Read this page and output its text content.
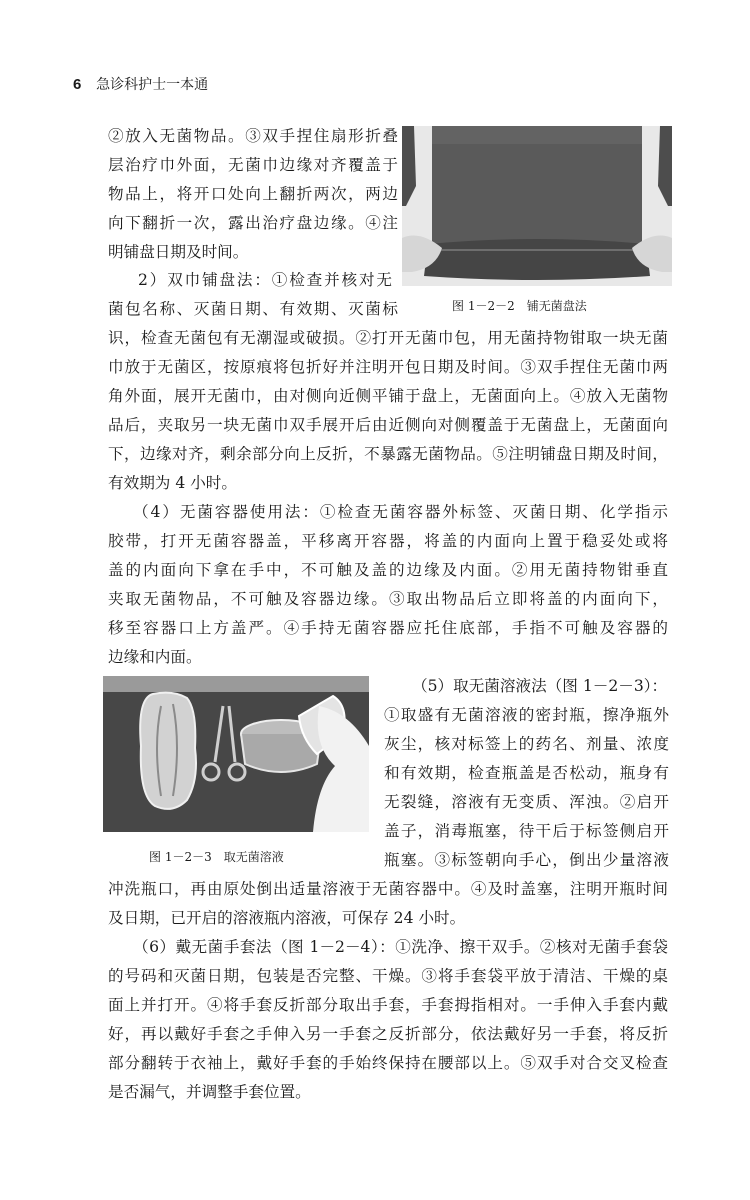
6 急诊科护士一本通
图 1－2－2　铺无菌盘法
图 1－2－3　取无菌溶液
②放入无菌物品。③双手捏住扇形折叠
层治疗巾外面，无菌巾边缘对齐覆盖于
物品上，将开口处向上翻折两次，两边
向下翻折一次，露出治疗盘边缘。④注
明铺盘日期及时间。
2）双巾铺盘法：①检查并核对无
菌包名称、灭菌日期、有效期、灭菌标
识，检查无菌包有无潮湿或破损。②打开无菌巾包，用无菌持物钳取一块无菌
巾放于无菌区，按原痕将包折好并注明开包日期及时间。③双手捏住无菌巾两
角外面，展开无菌巾，由对侧向近侧平铺于盘上，无菌面向上。④放入无菌物
品后，夹取另一块无菌巾双手展开后由近侧向对侧覆盖于无菌盘上，无菌面向
下，边缘对齐，剩余部分向上反折，不暴露无菌物品。⑤注明铺盘日期及时间，
有效期为 4 小时。
（4）无菌容器使用法：①检查无菌容器外标签、灭菌日期、化学指示
胶带，打开无菌容器盖，平移离开容器，将盖的内面向上置于稳妥处或将
盖的内面向下拿在手中，不可触及盖的边缘及内面。②用无菌持物钳垂直
夹取无菌物品，不可触及容器边缘。③取出物品后立即将盖的内面向下，
移至容器口上方盖严。④手持无菌容器应托住底部，手指不可触及容器的
边缘和内面。
（5）取无菌溶液法（图 1－2－3）：
①取盛有无菌溶液的密封瓶，擦净瓶外
灰尘，核对标签上的药名、剂量、浓度
和有效期，检查瓶盖是否松动，瓶身有
无裂缝，溶液有无变质、浑浊。②启开
盖子，消毒瓶塞，待干后于标签侧启开
瓶塞。③标签朝向手心，倒出少量溶液
冲洗瓶口，再由原处倒出适量溶液于无菌容器中。④及时盖塞，注明开瓶时间
及日期，已开启的溶液瓶内溶液，可保存 24 小时。
（6）戴无菌手套法（图 1－2－4）：①洗净、擦干双手。②核对无菌手套袋
的号码和灭菌日期，包装是否完整、干燥。③将手套袋平放于清洁、干燥的桌
面上并打开。④将手套反折部分取出手套，手套拇指相对。一手伸入手套内戴
好，再以戴好手套之手伸入另一手套之反折部分，依法戴好另一手套，将反折
部分翻转于衣袖上，戴好手套的手始终保持在腰部以上。⑤双手对合交叉检查
是否漏气，并调整手套位置。
